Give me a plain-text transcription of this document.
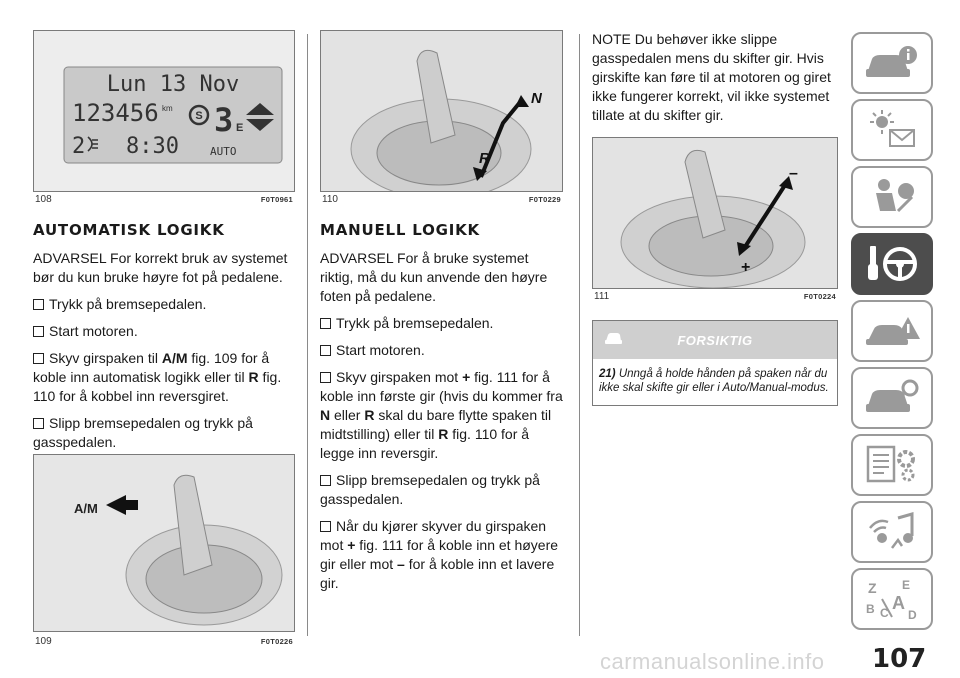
Lun 13 Nov
123456 km
S 3 E
2 8:30	AUTO
108	F0T0961
AUTOMATISK LOGIKK

ADVARSEL For korrekt bruk av systemet bør du kun bruke høyre fot på pedalene.

Trykk på bremsepedalen.
Start motoren.
Skyv girspaken til A/M fig. 109 for å koble inn automatisk logikk eller til R fig. 110 for å kobbel inn reversgiret.
Slipp bremsepedalen og trykk på gasspedalen.
A/M
109	F0T0226
N
R
110	F0T0229
MANUELL LOGIKK

ADVARSEL For å bruke systemet riktig, må du kun anvende den høyre foten på pedalene.

Trykk på bremsepedalen.
Start motoren.
Skyv girspaken mot + fig. 111 for å koble inn første gir (hvis du kommer fra N eller R skal du bare flytte spaken til midtstilling) eller til R fig. 110 for å legge inn reversgir.
Slipp bremsepedalen og trykk på gasspedalen.
Når du kjører skyver du girspaken mot + fig. 111 for å koble inn et høyere gir eller mot – for å koble inn et lavere gir.

NOTE Du behøver ikke slippe gasspedalen mens du skifter gir. Hvis girskifte kan føre til at motoren og giret ikke fungerer korrekt, vil ikke systemet tillate at du skifter gir.

–
+
111	F0T0224
FORSIKTIG
21) Unngå å holde hånden på spaken når du ikke skal skifte gir eller i Auto/Manual-modus.
Z E
B C A
D
carmanualsonline.info 107
